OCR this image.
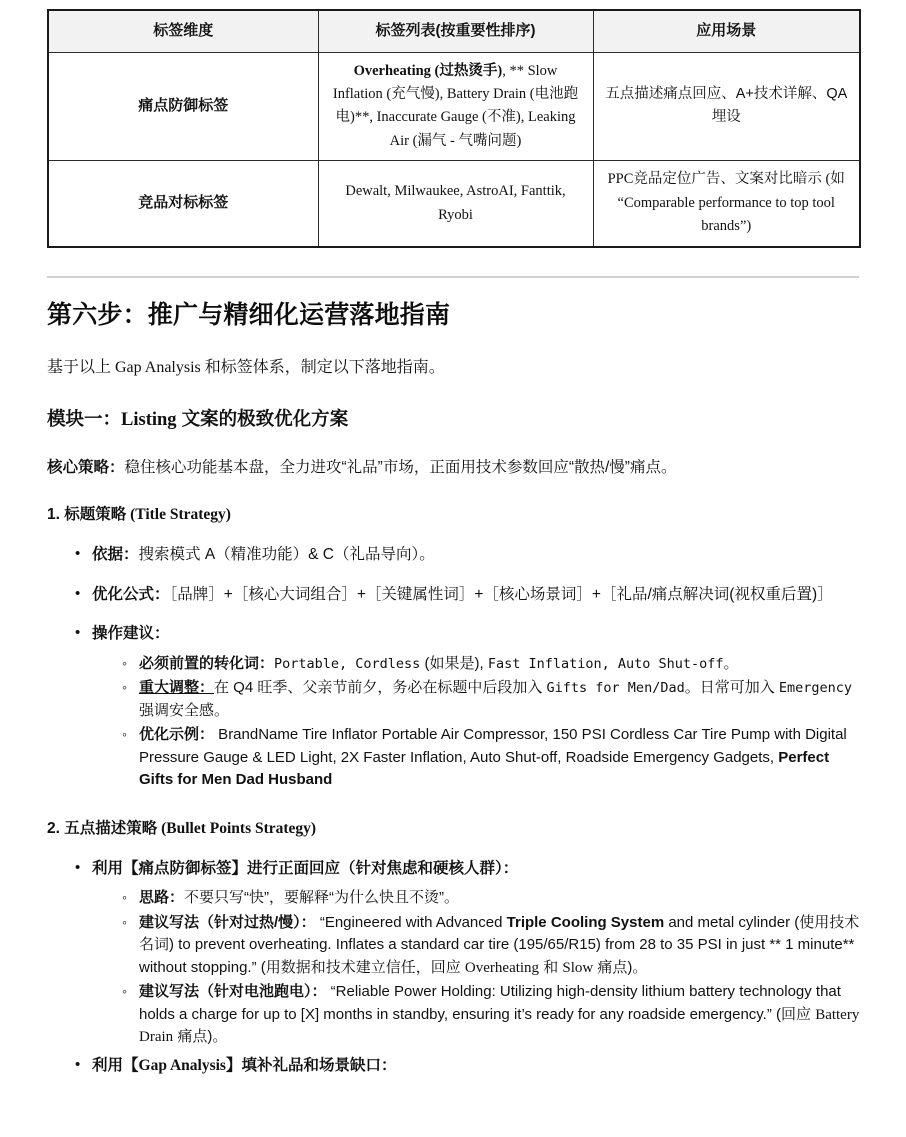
标签维度	标签列表(按重要性排序)	应用场景
痛点防御标签	Overheating (过热烫手), ** Slow Inflation (充气慢), Battery Drain (电池跑电)**, Inaccurate Gauge (不准), Leaking Air (漏气 - 气嘴问题)	五点描述痛点回应、A+技术详解、QA埋设
竞品对标标签	Dewalt, Milwaukee, AstroAI, Fanttik, Ryobi	PPC竞品定位广告、文案对比暗示 (如 “Comparable performance to top tool brands”)
第六步：推广与精细化运营落地指南

基于以上 Gap Analysis 和标签体系，制定以下落地指南。

模块一：Listing 文案的极致优化方案

核心策略：稳住核心功能基本盘，全力进攻“礼品”市场，正面用技术参数回应“散热/慢”痛点。

1. 标题策略 (Title Strategy)
• 依据：搜索模式 A（精准功能）& C（礼品导向）。
• 优化公式：［品牌］+［核心大词组合］+［关键属性词］+［核心场景词］+［礼品/痛点解决词(视权重后置)］
• 操作建议：
◦ 必须前置的转化词：Portable, Cordless (如果是), Fast Inflation, Auto Shut-off。
◦ 重大调整：在 Q4 旺季、父亲节前夕，务必在标题中后段加入 Gifts for Men/Dad。日常可加入 Emergency 强调安全感。
◦ 优化示例： BrandName Tire Inflator Portable Air Compressor, 150 PSI Cordless Car Tire Pump with Digital Pressure Gauge & LED Light, 2X Faster Inflation, Auto Shut-off, Roadside Emergency Gadgets, Perfect Gifts for Men Dad Husband
2. 五点描述策略 (Bullet Points Strategy)
• 利用【痛点防御标签】进行正面回应（针对焦虑和硬核人群）：
◦ 思路：不要只写“快”，要解释“为什么快且不烫”。
◦ 建议写法（针对过热/慢）： “Engineered with Advanced Triple Cooling System and metal cylinder (使用技术名词) to prevent overheating. Inflates a standard car tire (195/65/R15) from 28 to 35 PSI in just ** 1 minute** without stopping.” (用数据和技术建立信任，回应 Overheating 和 Slow 痛点)。
◦ 建议写法（针对电池跑电）： “Reliable Power Holding: Utilizing high-density lithium battery technology that holds a charge for up to [X] months in standby, ensuring it’s ready for any roadside emergency.” (回应 Battery Drain 痛点)。
• 利用【Gap Analysis】填补礼品和场景缺口：
